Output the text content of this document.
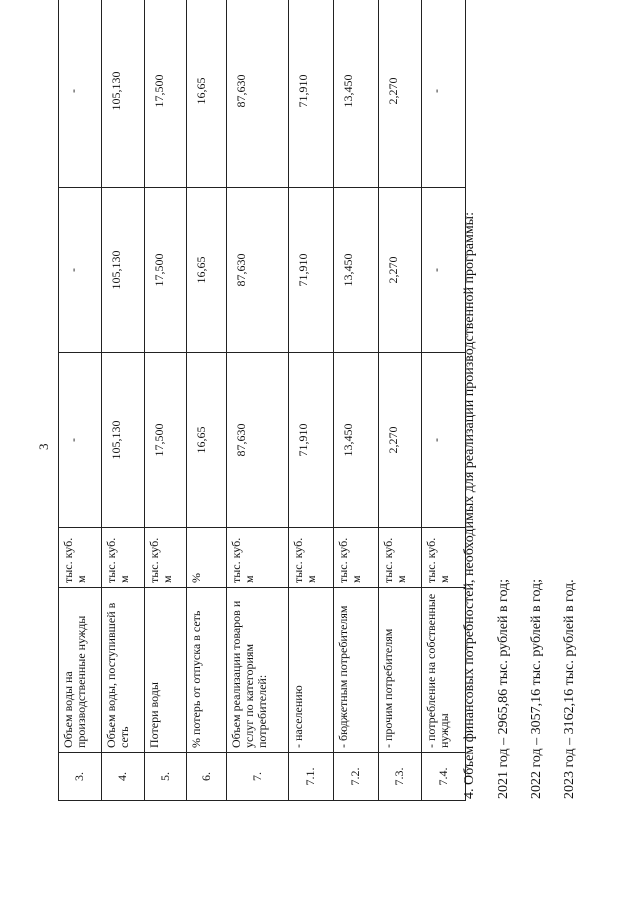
3
3.	Объем воды на производственные нужды	тыс. куб. м	-	-	-
4.	Объем воды, поступившей в сеть	тыс. куб. м	105,130	105,130	105,130
5.	Потери воды	тыс. куб. м	17,500	17,500	17,500
6.	% потерь от отпуска в сеть	%	16,65	16,65	16,65
7.	Объем реализации товаров и услуг по категориям потребителей:	тыс. куб. м	87,630	87,630	87,630
7.1.	- населению	тыс. куб. м	71,910	71,910	71,910
7.2.	- бюджетным потребителям	тыс. куб. м	13,450	13,450	13,450
7.3.	- прочим потребителям	тыс. куб. м	2,270	2,270	2,270
7.4.	- потребление на собственные нужды	тыс. куб. м	-	-	-

4. Объем финансовых потребностей, необходимых для реализации производственной программы:	2021 год – 2965,86 тыс. рублей в год;	2022 год – 3057,16 тыс. рублей в год;	2023 год – 3162,16 тыс. рублей в год.
